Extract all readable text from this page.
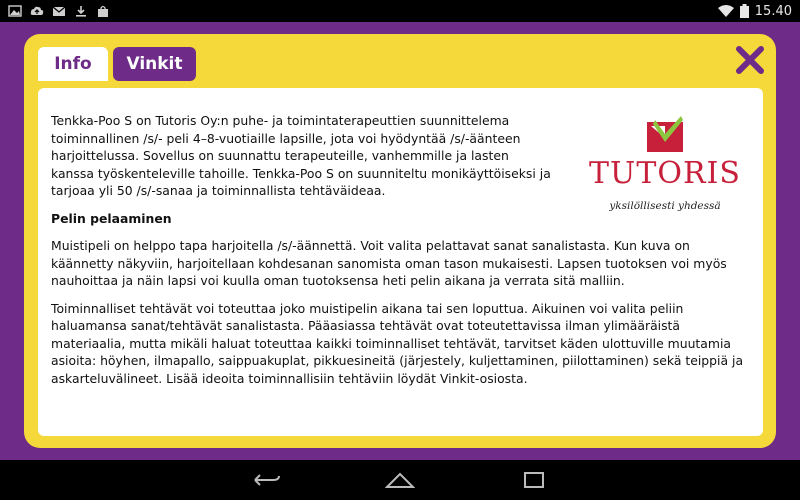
15.40
Info	Vinkit
TUTORIS
yksilöllisesti yhdessä

Tenkka-Poo S on Tutoris Oy:n puhe- ja toimintaterapeuttien suunnittelema toiminnallinen /s/- peli 4–8-vuotiaille lapsille, jota voi hyödyntää /s/-äänteen harjoittelussa. Sovellus on suunnattu terapeuteille, vanhemmille ja lasten kanssa työskenteleville tahoille. Tenkka-Poo S on suunniteltu monikäyttöiseksi ja tarjoaa yli 50 /s/-sanaa ja toiminnallista tehtäväideaa.

Pelin pelaaminen

Muistipeli on helppo tapa harjoitella /s/-äännettä. Voit valita pelattavat sanat sanalistasta. Kun kuva on käännetty näkyviin, harjoitellaan kohdesanan sanomista oman tason mukaisesti. Lapsen tuotoksen voi myös nauhoittaa ja näin lapsi voi kuulla oman tuotoksensa heti pelin aikana ja verrata sitä malliin.

Toiminnalliset tehtävät voi toteuttaa joko muistipelin aikana tai sen loputtua. Aikuinen voi valita peliin haluamansa sanat/tehtävät sanalistasta. Pääasiassa tehtävät ovat toteutettavissa ilman ylimääräistä materiaalia, mutta mikäli haluat toteuttaa kaikki toiminnalliset tehtävät, tarvitset käden ulottuville muutamia asioita: höyhen, ilmapallo, saippuakuplat, pikkuesineitä (järjestely, kuljettaminen, piilottaminen) sekä teippiä ja askarteluvälineet. Lisää ideoita toiminnallisiin tehtäviin löydät Vinkit-osiosta.
